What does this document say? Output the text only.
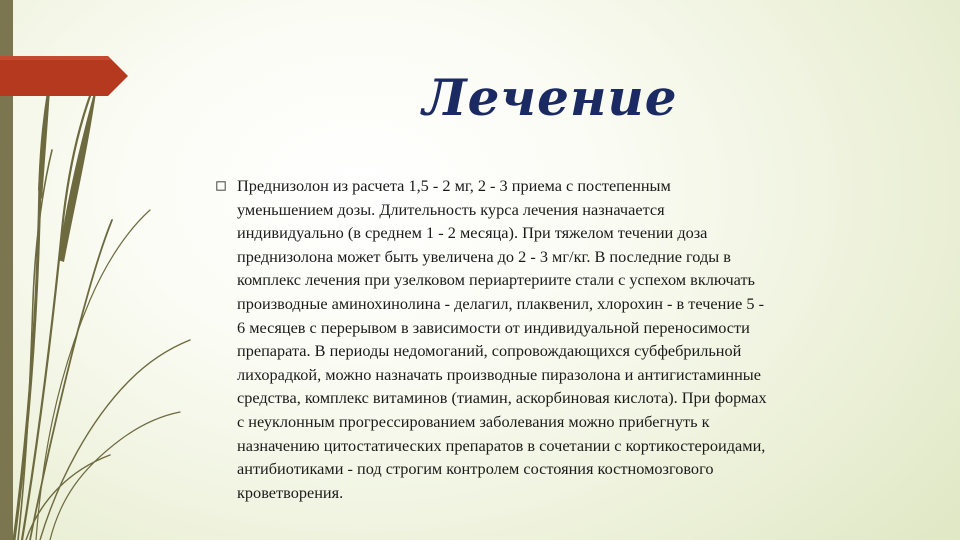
Лечение

Преднизолон из расчета 1,5 - 2 мг, 2 - 3 приема с постепенным
уменьшением дозы. Длительность курса лечения назначается
индивидуально (в среднем 1 - 2 месяца). При тяжелом течении доза
преднизолона может быть увеличена до 2 - 3 мг/кг. В последние годы в
комплекс лечения при узелковом периартериите стали с успехом включать
производные аминохинолина - делагил, плаквенил, хлорохин - в течение 5 -
6 месяцев с перерывом в зависимости от индивидуальной переносимости
препарата. В периоды недомоганий, сопровождающихся субфебрильной
лихорадкой, можно назначать производные пиразолона и антигистаминные
средства, комплекс витаминов (тиамин, аскорбиновая кислота). При формах
с неуклонным прогрессированием заболевания можно прибегнуть к
назначению цитостатических препаратов в сочетании с кортикостероидами,
антибиотиками - под строгим контролем состояния костномозгового
кроветворения.
